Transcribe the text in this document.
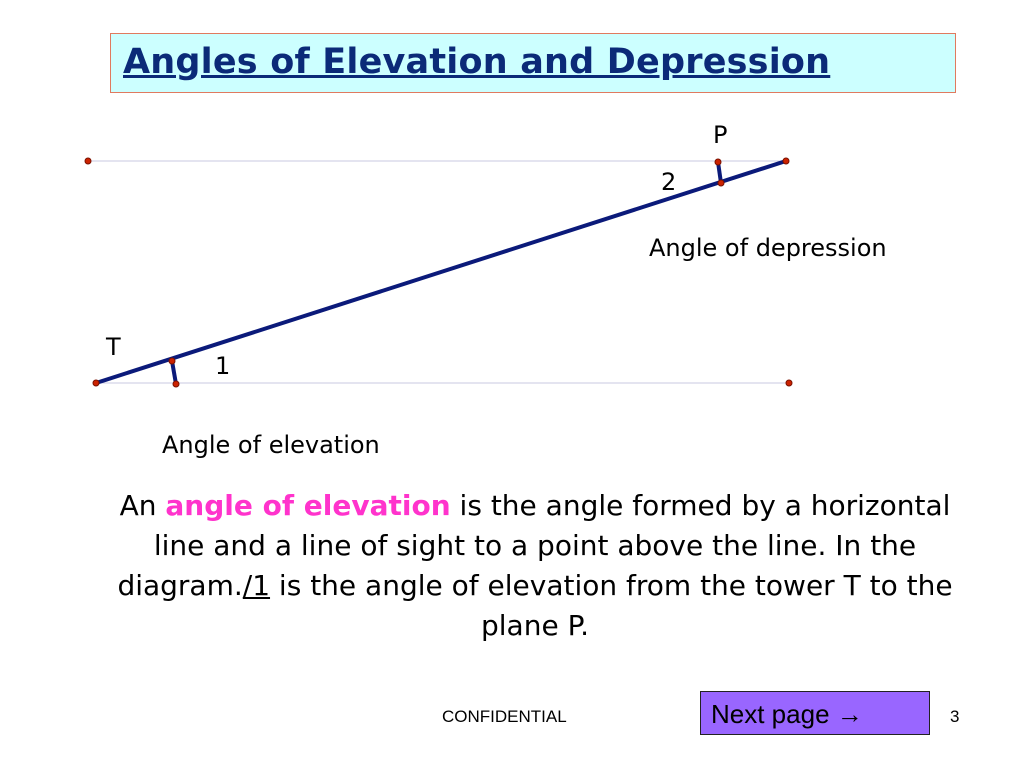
Angles of Elevation and Depression
P
2
Angle of depression
T
1
Angle of elevation
An angle of elevation is the angle formed by a horizontal line and a line of sight to a point above the line. In the diagram./1 is the angle of elevation from the tower T to the plane P.
CONFIDENTIAL	Next page →	3
